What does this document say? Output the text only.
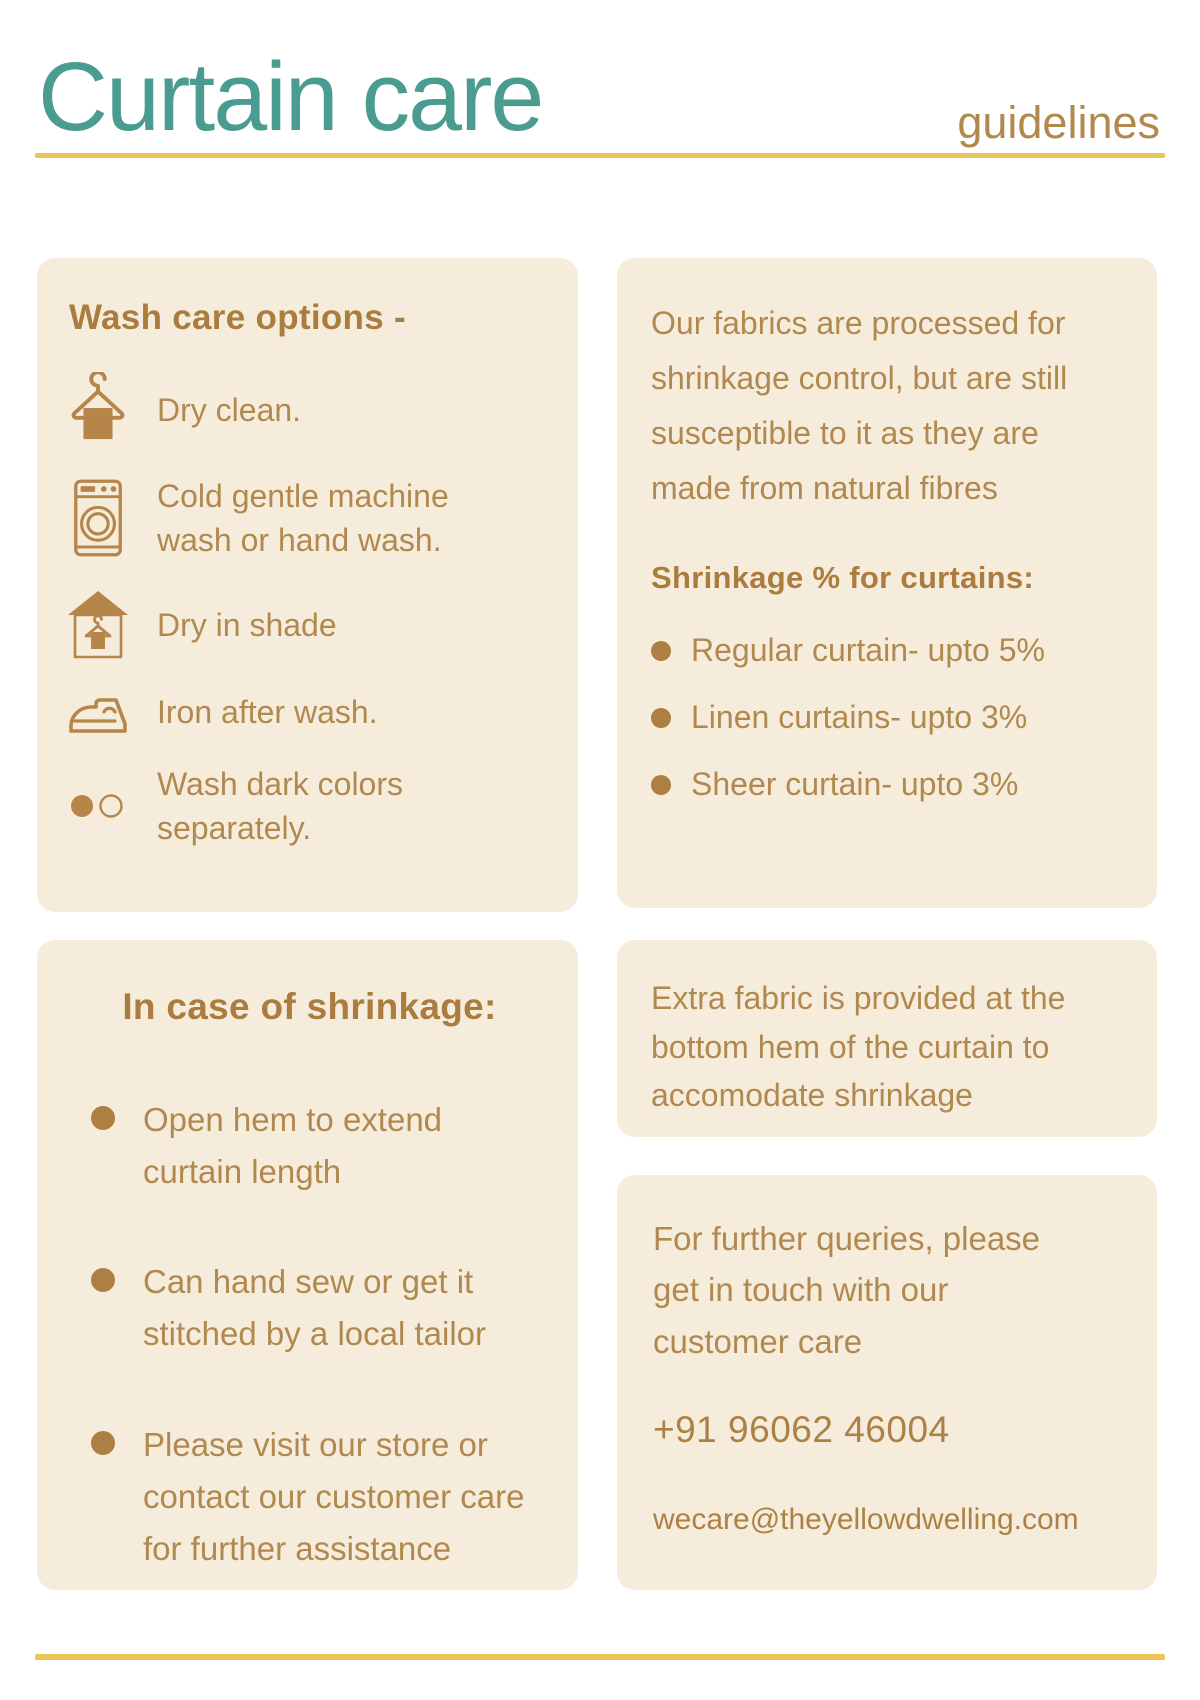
Curtain care	guidelines
Wash care options -
Dry clean.
Cold gentle machine wash or hand wash.
Dry in shade
Iron after wash.
Wash dark colors separately.

Our fabrics are processed for shrinkage control, but are still susceptible to it as they are made from natural fibres

Shrinkage % for curtains:
Regular curtain- upto 5%
Linen curtains- upto 3%
Sheer curtain- upto 3%
In case of shrinkage:
Open hem to extend curtain length
Can hand sew or get it stitched by a local tailor
Please visit our store or contact our customer care for further assistance

Extra fabric is provided at the bottom hem of the curtain to accomodate shrinkage

For further queries, please get in touch with our customer care

+91 96062 46004
wecare@theyellowdwelling.com
